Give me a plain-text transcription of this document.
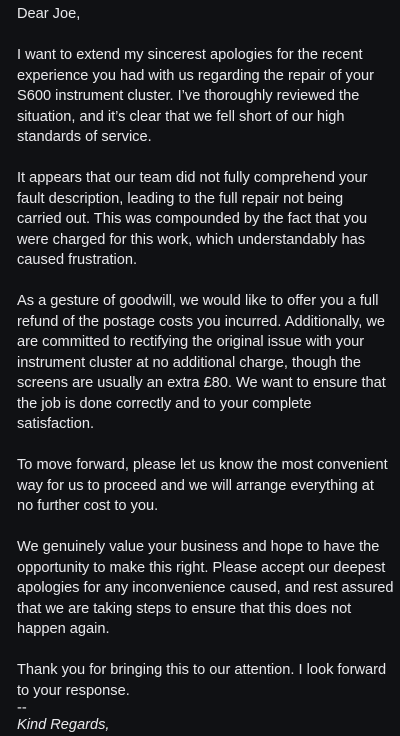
Dear Joe,

I want to extend my sincerest apologies for the recent

experience you had with us regarding the repair of your

S600 instrument cluster. I’ve thoroughly reviewed the

situation, and it’s clear that we fell short of our high

standards of service.

It appears that our team did not fully comprehend your

fault description, leading to the full repair not being

carried out. This was compounded by the fact that you

were charged for this work, which understandably has

caused frustration.

As a gesture of goodwill, we would like to offer you a full

refund of the postage costs you incurred. Additionally, we

are committed to rectifying the original issue with your

instrument cluster at no additional charge, though the

screens are usually an extra £80. We want to ensure that

the job is done correctly and to your complete

satisfaction.

To move forward, please let us know the most convenient

way for us to proceed and we will arrange everything at

no further cost to you.

We genuinely value your business and hope to have the

opportunity to make this right. Please accept our deepest

apologies for any inconvenience caused, and rest assured

that we are taking steps to ensure that this does not

happen again.

Thank you for bringing this to our attention. I look forward

to your response.

--

Kind Regards,
